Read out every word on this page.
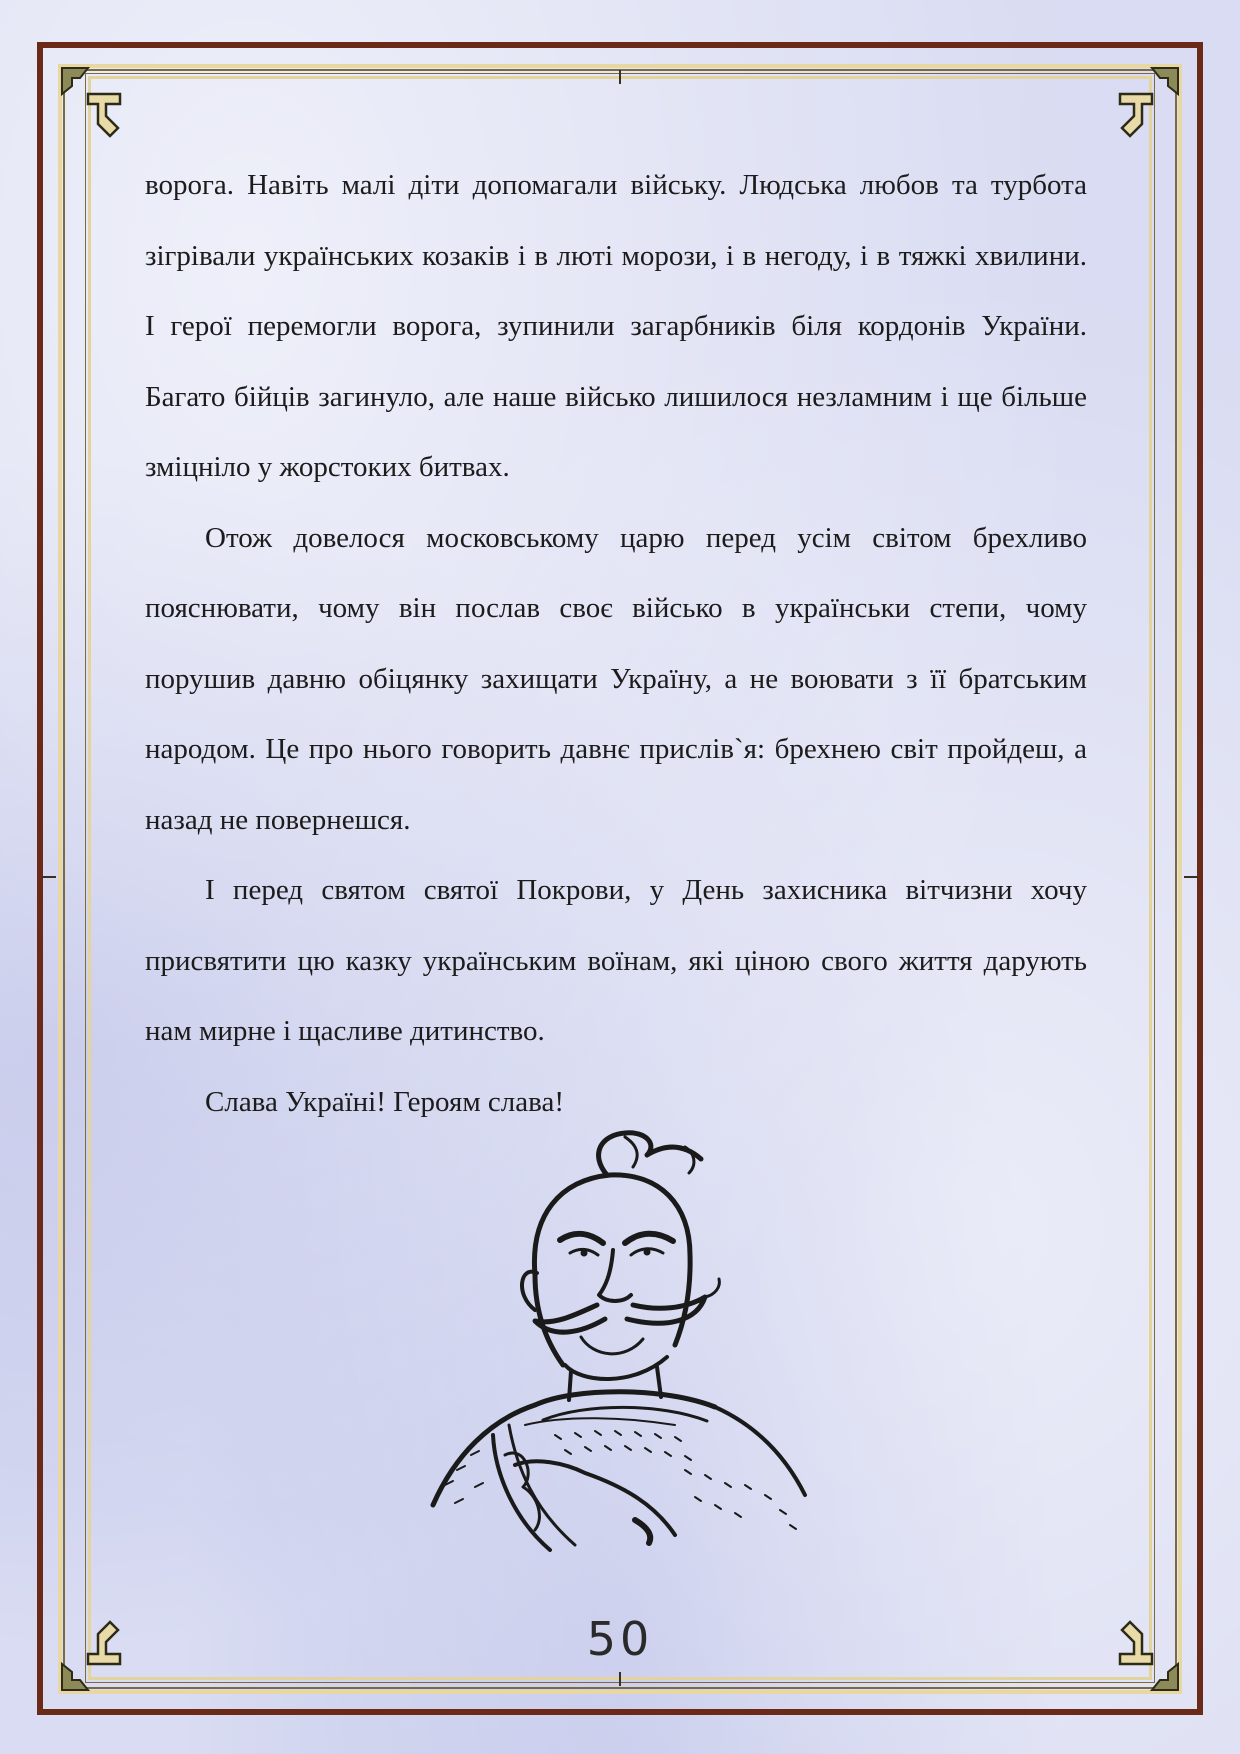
ворога. Навіть малі діти допомагали війську. Людська любов та турбота зігрівали українських козаків і в люті морози, і в негоду, і в тяжкі хвилини. І герої перемогли ворога, зупинили загарбників біля кордонів України. Багато бійців загинуло, але наше військо лишилося незламним і ще більше зміцніло у жорстоких битвах.

Отож довелося московському царю перед усім світом брехливо пояснювати, чому він послав своє військо в українськи степи, чому порушив давню обіцянку захищати Україну, а не воювати з її братським народом. Це про нього говорить давнє прислів`я: брехнею світ пройдеш, а назад не повернешся.

І перед святом святої Покрови, у День захисника вітчизни хочу присвятити цю казку українським воїнам, які ціною свого життя дарують нам мирне і щасливе дитинство.

Слава Україні! Героям слава!

50
